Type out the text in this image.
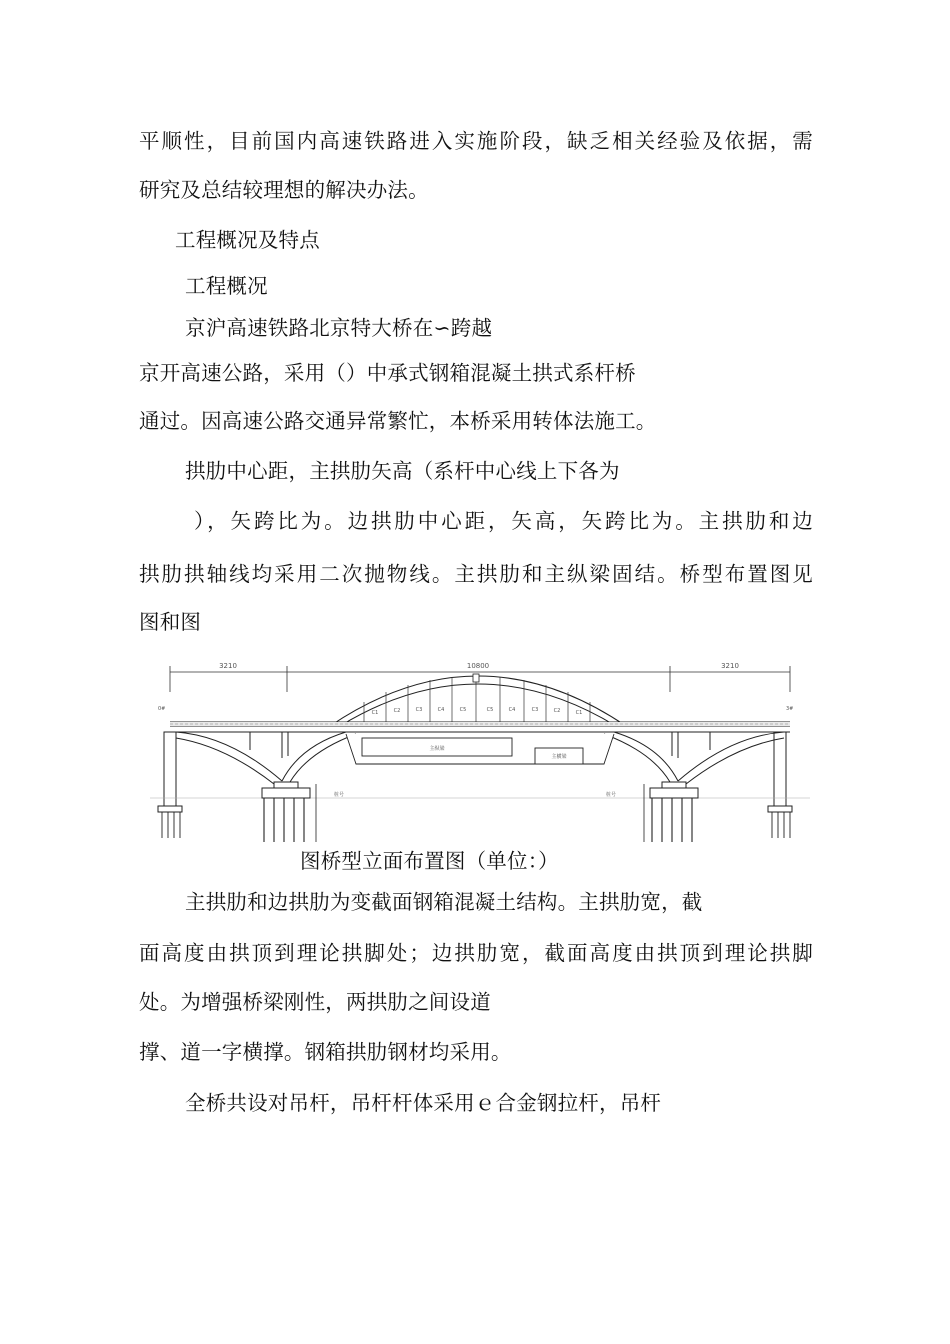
平顺性，目前国内高速铁路进入实施阶段，缺乏相关经验及依据，需
研究及总结较理想的解决办法。
工程概况及特点
工程概况
京沪高速铁路北京特大桥在∽跨越
京开高速公路，采用（）中承式钢箱混凝土拱式系杆桥
通过。因高速公路交通异常繁忙，本桥采用转体法施工。
拱肋中心距，主拱肋矢高（系杆中心线上下各为
），矢跨比为。边拱肋中心距，矢高，矢跨比为。主拱肋和边
拱肋拱轴线均采用二次抛物线。主拱肋和主纵梁固结。桥型布置图见
图和图
3210	10800	3210
C1	C2	C3	C4	C5	C5	C4	C3	C2	C1
0#	3#
主纵梁
主横梁
桩号	桩号
图桥型立面布置图（单位：）
主拱肋和边拱肋为变截面钢箱混凝土结构。主拱肋宽，截
面高度由拱顶到理论拱脚处；边拱肋宽，截面高度由拱顶到理论拱脚
处。为增强桥梁刚性，两拱肋之间设道
撑、道一字横撑。钢箱拱肋钢材均采用。
全桥共设对吊杆，吊杆杆体采用ｅ合金钢拉杆，吊杆
